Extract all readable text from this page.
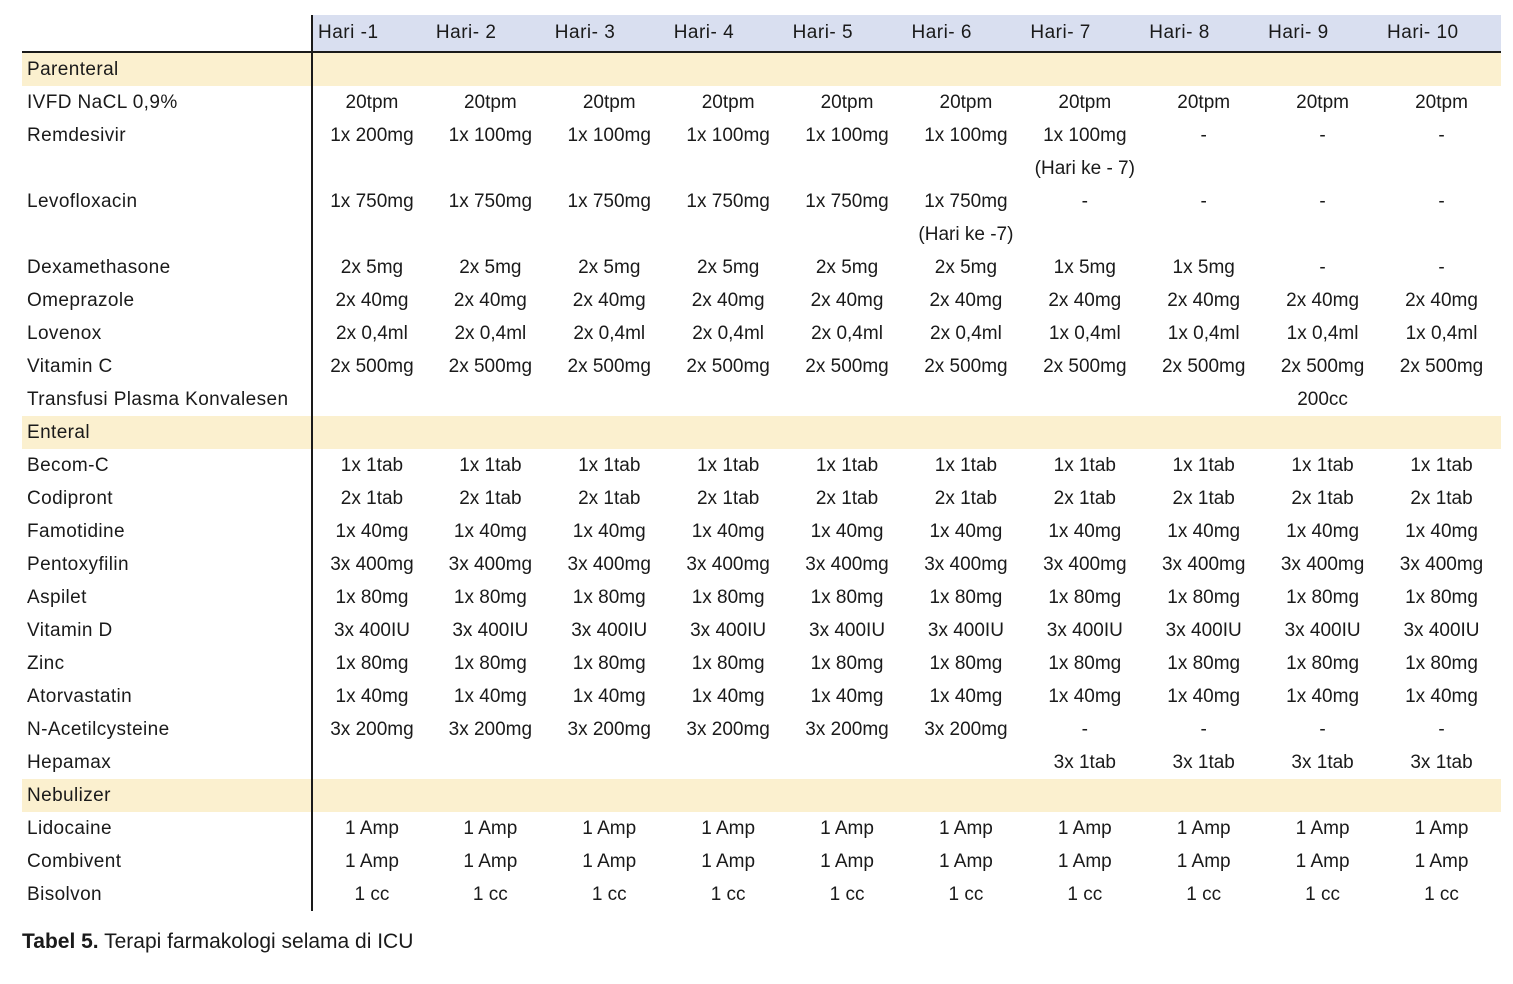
	Hari -1	Hari- 2	Hari- 3	Hari- 4	Hari- 5	Hari- 6	Hari- 7	Hari- 8	Hari- 9	Hari- 10
Parenteral										
IVFD NaCL 0,9%	20tpm	20tpm	20tpm	20tpm	20tpm	20tpm	20tpm	20tpm	20tpm	20tpm
Remdesivir	1x 200mg	1x 100mg	1x 100mg	1x 100mg	1x 100mg	1x 100mg	1x 100mg	-	-	-
							(Hari ke - 7)			
Levofloxacin	1x 750mg	1x 750mg	1x 750mg	1x 750mg	1x 750mg	1x 750mg	-	-	-	-
						(Hari ke -7)				
Dexamethasone	2x 5mg	2x 5mg	2x 5mg	2x 5mg	2x 5mg	2x 5mg	1x 5mg	1x 5mg	-	-
Omeprazole	2x 40mg	2x 40mg	2x 40mg	2x 40mg	2x 40mg	2x 40mg	2x 40mg	2x 40mg	2x 40mg	2x 40mg
Lovenox	2x 0,4ml	2x 0,4ml	2x 0,4ml	2x 0,4ml	2x 0,4ml	2x 0,4ml	1x 0,4ml	1x 0,4ml	1x 0,4ml	1x 0,4ml
Vitamin C	2x 500mg	2x 500mg	2x 500mg	2x 500mg	2x 500mg	2x 500mg	2x 500mg	2x 500mg	2x 500mg	2x 500mg
Transfusi Plasma Konvalesen									200cc	
Enteral										
Becom-C	1x 1tab	1x 1tab	1x 1tab	1x 1tab	1x 1tab	1x 1tab	1x 1tab	1x 1tab	1x 1tab	1x 1tab
Codipront	2x 1tab	2x 1tab	2x 1tab	2x 1tab	2x 1tab	2x 1tab	2x 1tab	2x 1tab	2x 1tab	2x 1tab
Famotidine	1x 40mg	1x 40mg	1x 40mg	1x 40mg	1x 40mg	1x 40mg	1x 40mg	1x 40mg	1x 40mg	1x 40mg
Pentoxyfilin	3x 400mg	3x 400mg	3x 400mg	3x 400mg	3x 400mg	3x 400mg	3x 400mg	3x 400mg	3x 400mg	3x 400mg
Aspilet	1x 80mg	1x 80mg	1x 80mg	1x 80mg	1x 80mg	1x 80mg	1x 80mg	1x 80mg	1x 80mg	1x 80mg
Vitamin D	3x 400IU	3x 400IU	3x 400IU	3x 400IU	3x 400IU	3x 400IU	3x 400IU	3x 400IU	3x 400IU	3x 400IU
Zinc	1x 80mg	1x 80mg	1x 80mg	1x 80mg	1x 80mg	1x 80mg	1x 80mg	1x 80mg	1x 80mg	1x 80mg
Atorvastatin	1x 40mg	1x 40mg	1x 40mg	1x 40mg	1x 40mg	1x 40mg	1x 40mg	1x 40mg	1x 40mg	1x 40mg
N-Acetilcysteine	3x 200mg	3x 200mg	3x 200mg	3x 200mg	3x 200mg	3x 200mg	-	-	-	-
Hepamax							3x 1tab	3x 1tab	3x 1tab	3x 1tab
Nebulizer										
Lidocaine	1 Amp	1 Amp	1 Amp	1 Amp	1 Amp	1 Amp	1 Amp	1 Amp	1 Amp	1 Amp
Combivent	1 Amp	1 Amp	1 Amp	1 Amp	1 Amp	1 Amp	1 Amp	1 Amp	1 Amp	1 Amp
Bisolvon	1 cc	1 cc	1 cc	1 cc	1 cc	1 cc	1 cc	1 cc	1 cc	1 cc
Tabel 5. Terapi farmakologi selama di ICU
